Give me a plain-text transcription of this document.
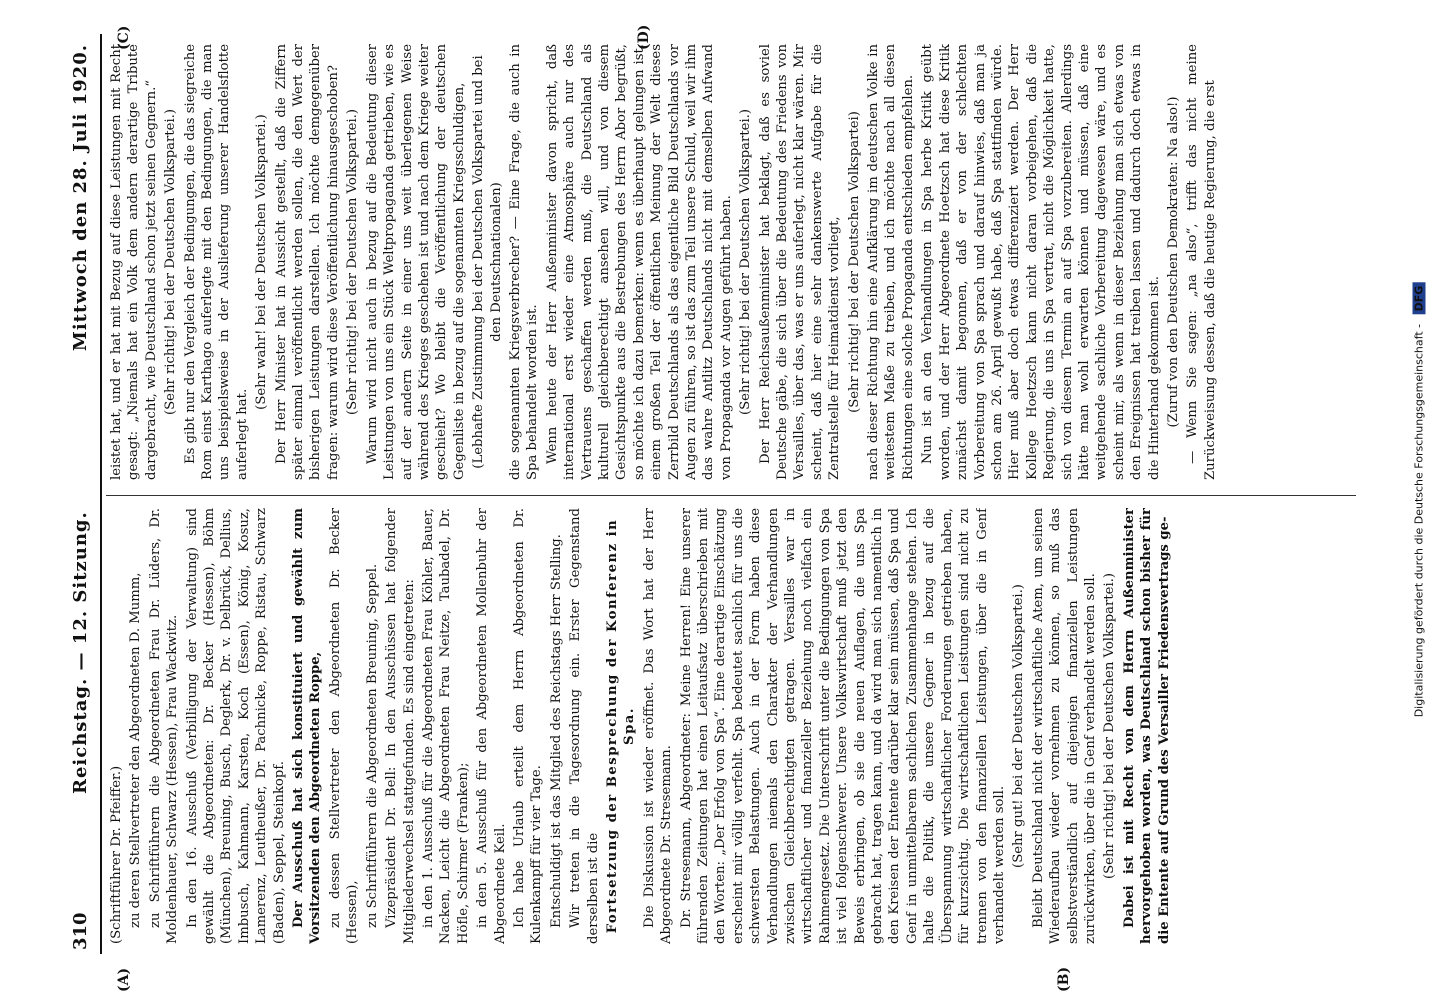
310
Reichstag. — 12. Sitzung.
Mittwoch den 28. Juli 1920.
(A)	(B)
(C)	(D)

(Schriftführer Dr. Pfeiffer.) zu deren Stellvertreter den Abgeordneten D. Mumm, zu Schriftführern die Abgeordneten Frau Dr. Lüders, Dr. Moldenhauer, Schwarz (Hessen), Frau Wackwitz. In den 16. Ausschuß (Verbilligung der Verwaltung) sind gewählt die Abgeordneten: Dr. Becker (Hessen), Böhm (München), Breuning, Busch, Deglerk, Dr. v. Delbrück, Dellius, Imbusch, Kahmann, Karsten, Koch (Essen), König, Kosuz, Lamerenz, Leutheußer, Dr. Pachnicke, Roppe, Ristau, Schwarz (Baden), Seppel, Steinkopf. Der Ausschuß hat sich konstituiert und gewählt zum Vorsitzenden den Abgeordneten Roppe, zu dessen Stellvertreter den Abgeordneten Dr. Becker (Hessen), zu Schriftführern die Abgeordneten Breuning, Seppel. Vizepräsident Dr. Bell: In den Ausschüssen hat folgender Mitgliederwechsel stattgefunden. Es sind eingetreten: in den 1. Ausschuß für die Abgeordneten Frau Köhler, Bauer, Nacken, Leicht die Abgeordneten Frau Neitze, Taubadel, Dr. Höfle, Schirmer (Franken); in den 5. Ausschuß für den Abgeordneten Mollenbuhr der Abgeordnete Keil. Ich habe Urlaub erteilt dem Herrn Abgeordneten Dr. Kulenkampff für vier Tage. Entschuldigt ist das Mitglied des Reichstags Herr Stelling. Wir treten in die Tagesordnung ein. Erster Gegenstand derselben ist die Fortsetzung der Besprechung der Konferenz in Spa. Die Diskussion ist wieder eröffnet. Das Wort hat der Herr Abgeordnete Dr. Stresemann. Dr. Stresemann, Abgeordneter: Meine Herren! Eine unserer führenden Zeitungen hat einen Leitaufsatz überschrieben mit den Worten: „Der Erfolg von Spa“. Eine derartige Einschätzung erscheint mir völlig verfehlt. Spa bedeutet sachlich für uns die schwersten Belastungen. Auch in der Form haben diese Verhandlungen niemals den Charakter der Verhandlungen zwischen Gleichberechtigten getragen. Versailles war in wirtschaftlicher und finanzieller Beziehung noch vielfach ein Rahmengesetz. Die Unterschrift unter die Bedingungen von Spa ist viel folgenschwerer. Unsere Volkswirtschaft muß jetzt den Beweis erbringen, ob sie die neuen Auflagen, die uns Spa gebracht hat, tragen kann, und da wird man sich namentlich in den Kreisen der Entente darüber klar sein müssen, daß Spa und Genf in unmittelbarem sachlichen Zusammenhange stehen. Ich halte die Politik, die unsere Gegner in bezug auf die Überspannung wirtschaftlicher Forderungen getrieben haben, für kurzsichtig. Die wirtschaftlichen Leistungen sind nicht zu trennen von den finanziellen Leistungen, über die in Genf verhandelt werden soll. (Sehr gut! bei der Deutschen Volkspartei.) Bleibt Deutschland nicht der wirtschaftliche Atem, um seinen Wiederaufbau wieder vornehmen zu können, so muß das selbstverständlich auf diejenigen finanziellen Leistungen zurückwirken, über die in Genf verhandelt werden soll. (Sehr richtig! bei der Deutschen Volkspartei.) Dabei ist mit Recht von dem Herrn Außenminister hervorgehoben worden, was Deutschland schon bisher für die Entente auf Grund des Versailler Friedensvertrags ge-

leistet hat, und er hat mit Bezug auf diese Leistungen mit Recht gesagt: „Niemals hat ein Volk dem andern derartige Tribute dargebracht, wie Deutschland schon jetzt seinen Gegnern.“ (Sehr richtig! bei der Deutschen Volkspartei.) Es gibt nur den Vergleich der Bedingungen, die das siegreiche Rom einst Karthago auferlegte mit den Bedingungen, die man uns beispielsweise in der Auslieferung unserer Handelsflotte auferlegt hat.

(Sehr wahr! bei der Deutschen Volkspartei.) Der Herr Minister hat in Aussicht gestellt, daß die Ziffern später einmal veröffentlicht werden sollen, die den Wert der bisherigen Leistungen darstellen. Ich möchte demgegenüber fragen: warum wird diese Veröffentlichung hinausgeschoben? (Sehr richtig! bei der Deutschen Volkspartei.) Warum wird nicht auch in bezug auf die Bedeutung dieser Leistungen von uns ein Stück Weltpropaganda getrieben, wie es auf der andern Seite in einer uns weit überlegenen Weise während des Krieges geschehen ist und nach dem Kriege weiter geschieht? Wo bleibt die Veröffentlichung der deutschen Gegenliste in bezug auf die sogenannten Kriegsschuldigen, (Lebhafte Zustimmung bei der Deutschen Volkspartei und bei den Deutschnationalen) die sogenannten Kriegsverbrecher? — Eine Frage, die auch in Spa behandelt worden ist. Wenn heute der Herr Außenminister davon spricht, daß international erst wieder eine Atmosphäre auch nur des Vertrauens geschaffen werden muß, die Deutschland als kulturell gleichberechtigt ansehen will, und von diesem Gesichtspunkte aus die Bestrebungen des Herrn Abor begrüßt, so möchte ich dazu bemerken: wenn es überhaupt gelungen ist, einem großen Teil der öffentlichen Meinung der Welt dieses Zerrbild Deutschlands als das eigentliche Bild Deutschlands vor Augen zu führen, so ist das zum Teil unsere Schuld, weil wir ihm das wahre Antlitz Deutschlands nicht mit demselben Aufwand von Propaganda vor Augen geführt haben. (Sehr richtig! bei der Deutschen Volkspartei.) Der Herr Reichsaußenminister hat beklagt, daß es soviel Deutsche gäbe, die sich über die Bedeutung des Friedens von Versailles, über das, was er uns auferlegt, nicht klar wären. Mir scheint, daß hier eine sehr dankenswerte Aufgabe für die Zentralstelle für Heimatdienst vorliegt, (Sehr richtig! bei der Deutschen Volkspartei) nach dieser Richtung hin eine Aufklärung im deutschen Volke in weitestem Maße zu treiben, und ich möchte nach all diesen Richtungen eine solche Propaganda entschieden empfehlen. Nun ist an den Verhandlungen in Spa herbe Kritik geübt worden, und der Herr Abgeordnete Hoetzsch hat diese Kritik zunächst damit begonnen, daß er von der schlechten Vorbereitung von Spa sprach und darauf hinwies, daß man ja schon am 26. April gewußt habe, daß Spa stattfinden würde. Hier muß aber doch etwas differenziert werden. Der Herr Kollege Hoetzsch kann nicht daran vorbeigehen, daß die Regierung, die uns in Spa vertrat, nicht die Möglichkeit hatte, sich von diesem Termin an auf Spa vorzubereiten. Allerdings hätte man wohl erwarten können und müssen, daß eine weitgehende sachliche Vorbereitung dagewesen wäre, und es scheint mir, als wenn in dieser Beziehung man sich etwas von den Ereignissen hat treiben lassen und dadurch doch etwas in die Hinterhand gekommen ist. (Zuruf von den Deutschen Demokraten: Na also!) — Wenn Sie sagen: „na also“, trifft das nicht meine Zurückweisung dessen, daß die heutige Regierung, die erst

Digitalisierung gefördert durch die Deutsche Forschungsgemeinschaft - DFG
